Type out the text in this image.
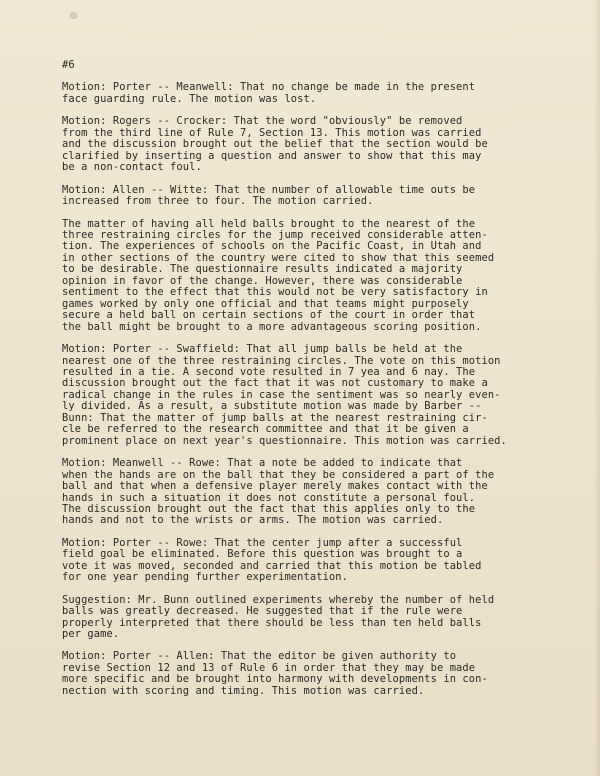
#6
Motion: Porter -- Meanwell: That no change be made in the present
face guarding rule. The motion was lost.
Motion: Rogers -- Crocker: That the word "obviously" be removed
from the third line of Rule 7, Section 13. This motion was carried
and the discussion brought out the belief that the section would be
clarified by inserting a question and answer to show that this may
be a non-contact foul.
Motion: Allen -- Witte: That the number of allowable time outs be
increased from three to four. The motion carried.
The matter of having all held balls brought to the nearest of the
three restraining circles for the jump received considerable atten-
tion. The experiences of schools on the Pacific Coast, in Utah and
in other sections of the country were cited to show that this seemed
to be desirable. The questionnaire results indicated a majority
opinion in favor of the change. However, there was considerable
sentiment to the effect that this would not be very satisfactory in
games worked by only one official and that teams might purposely
secure a held ball on certain sections of the court in order that
the ball might be brought to a more advantageous scoring position.
Motion: Porter -- Swaffield: That all jump balls be held at the
nearest one of the three restraining circles. The vote on this motion
resulted in a tie. A second vote resulted in 7 yea and 6 nay. The
discussion brought out the fact that it was not customary to make a
radical change in the rules in case the sentiment was so nearly even-
ly divided. As a result, a substitute motion was made by Barber --
Bunn: That the matter of jump balls at the nearest restraining cir-
cle be referred to the research committee and that it be given a
prominent place on next year's questionnaire. This motion was carried.
Motion: Meanwell -- Rowe: That a note be added to indicate that
when the hands are on the ball that they be considered a part of the
ball and that when a defensive player merely makes contact with the
hands in such a situation it does not constitute a personal foul.
The discussion brought out the fact that this applies only to the
hands and not to the wrists or arms. The motion was carried.
Motion: Porter -- Rowe: That the center jump after a successful
field goal be eliminated. Before this question was brought to a
vote it was moved, seconded and carried that this motion be tabled
for one year pending further experimentation.
Suggestion: Mr. Bunn outlined experiments whereby the number of held
balls was greatly decreased. He suggested that if the rule were
properly interpreted that there should be less than ten held balls
per game.
Motion: Porter -- Allen: That the editor be given authority to
revise Section 12 and 13 of Rule 6 in order that they may be made
more specific and be brought into harmony with developments in con-
nection with scoring and timing. This motion was carried.
